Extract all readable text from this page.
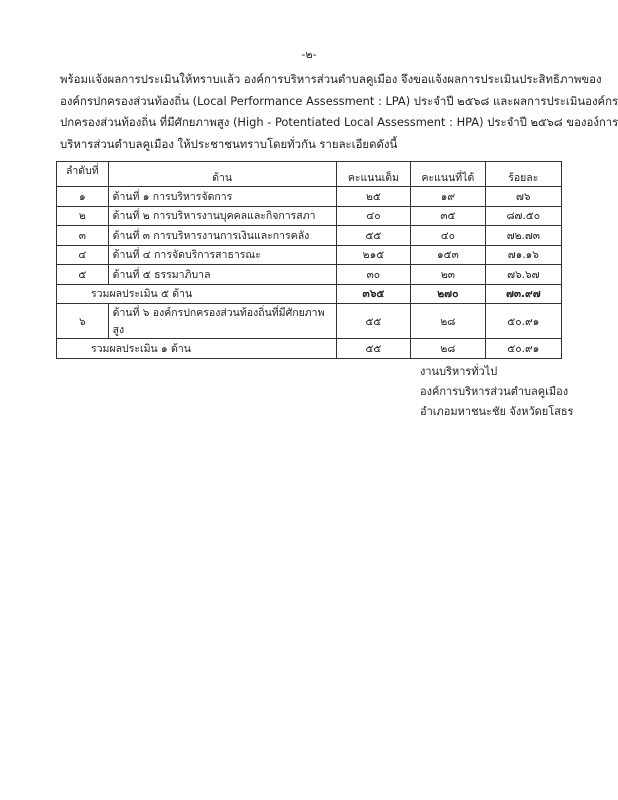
-๒-
พร้อมแจ้งผลการประเมินให้ทราบแล้ว องค์การบริหารส่วนตำบลคูเมือง จึงขอแจ้งผลการประเมินประสิทธิภาพของ
องค์กรปกครองส่วนท้องถิ่น (Local Performance Assessment : LPA) ประจำปี ๒๕๖๘ และผลการประเมินองค์กร
ปกครองส่วนท้องถิ่น ที่มีศักยภาพสูง (High - Potentiated Local Assessment : HPA) ประจำปี ๒๕๖๘ ขององ์การ
บริหารส่วนตำบลคูเมือง ให้ประชาชนทราบโดยทั่วกัน รายละเอียดดังนี้
ลำดับที่	ด้าน	คะแนนเต็ม	คะแนนที่ได้	ร้อยละ
๑	ด้านที่ ๑ การบริหารจัดการ	๒๕	๑๙	๗๖
๒	ด้านที่ ๒ การบริหารงานบุคคลและกิจการสภา	๔๐	๓๕	๘๗.๕๐
๓	ด้านที่ ๓ การบริหารงานการเงินและการคลัง	๕๕	๔๐	๗๒.๗๓
๔	ด้านที่ ๔ การจัดบริการสาธารณะ	๒๑๕	๑๕๓	๗๑.๑๖
๕	ด้านที่ ๕ ธรรมาภิบาล	๓๐	๒๓	๗๖.๖๗
รวมผลประเมิน ๕ ด้าน		๓๖๕	๒๗๐	๗๓.๙๗
๖	ด้านที่ ๖ องค์กรปกครองส่วนท้องถิ่นที่มีศักยภาพสูง	๕๕	๒๘	๕๐.๙๑
รวมผลประเมิน ๑ ด้าน		๕๕	๒๘	๕๐.๙๑
งานบริหารทั่วไป
องค์การบริหารส่วนตำบลคูเมือง
อำเภอมหาชนะชัย จังหวัดยโสธร
